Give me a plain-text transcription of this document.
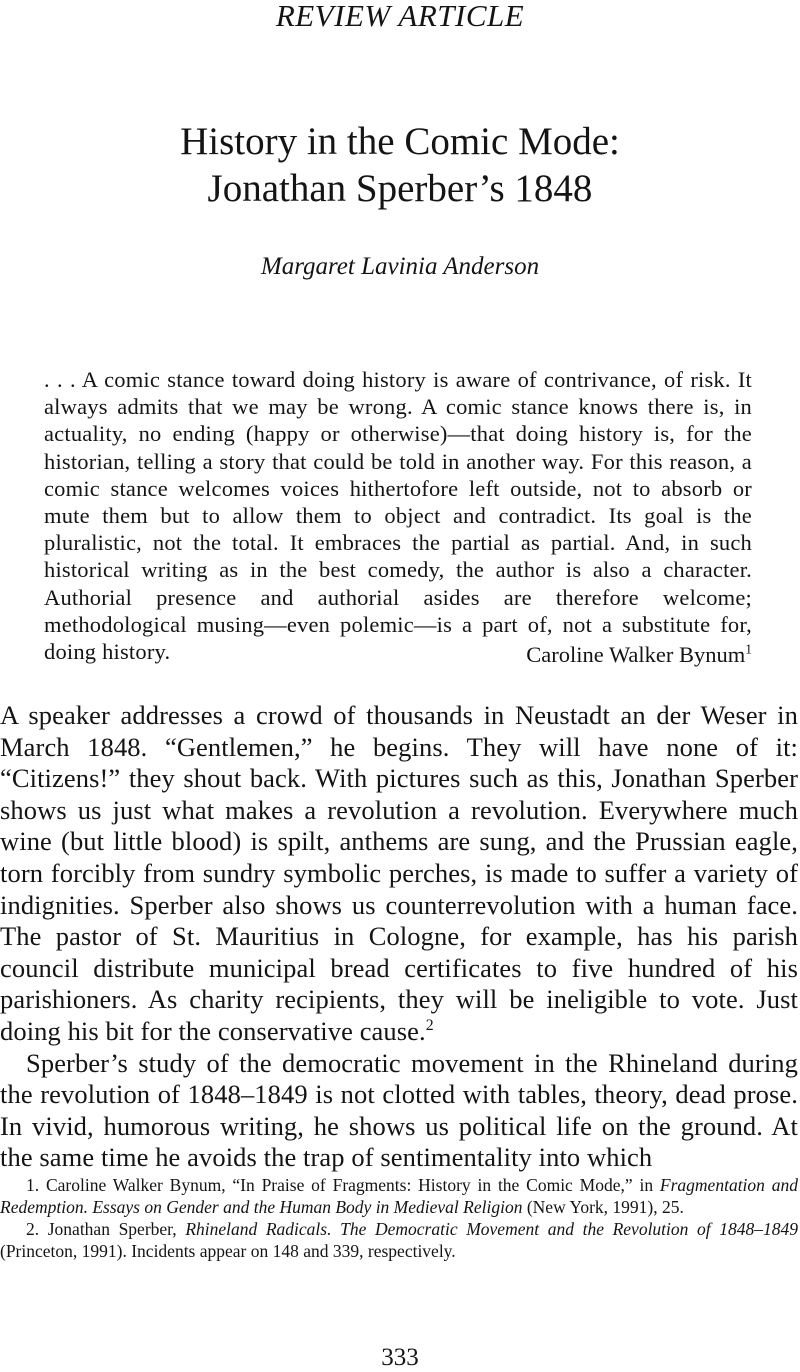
REVIEW ARTICLE
History in the Comic Mode:
Jonathan Sperber’s 1848
Margaret Lavinia Anderson
. . . A comic stance toward doing history is aware of contrivance, of risk. It always admits that we may be wrong. A comic stance knows there is, in actuality, no ending (happy or otherwise)—that doing history is, for the historian, telling a story that could be told in another way. For this reason, a comic stance welcomes voices hithertofore left outside, not to absorb or mute them but to allow them to object and contradict. Its goal is the pluralistic, not the total. It embraces the partial as partial. And, in such historical writing as in the best comedy, the author is also a character. Authorial presence and authorial asides are therefore welcome; methodological musing—even polemic—is a part of, not a substitute for, doing history.	Caroline Walker Bynum$^1$

A speaker addresses a crowd of thousands in Neustadt an der Weser in March 1848. “Gentlemen,” he begins. They will have none of it: “Citizens!” they shout back. With pictures such as this, Jonathan Sperber shows us just what makes a revolution a revolution. Everywhere much wine (but little blood) is spilt, anthems are sung, and the Prussian eagle, torn forcibly from sundry symbolic perches, is made to suffer a variety of indignities. Sperber also shows us counterrevolution with a human face. The pastor of St. Mauritius in Cologne, for example, has his parish council distribute municipal bread certificates to five hundred of his parishioners. As charity recipients, they will be ineligible to vote. Just doing his bit for the conservative cause.$^2$

Sperber’s study of the democratic movement in the Rhineland during the revolution of 1848–1849 is not clotted with tables, theory, dead prose. In vivid, humorous writing, he shows us political life on the ground. At the same time he avoids the trap of sentimentality into which

1. Caroline Walker Bynum, “In Praise of Fragments: History in the Comic Mode,” in Fragmentation and Redemption. Essays on Gender and the Human Body in Medieval Religion (New York, 1991), 25.

2. Jonathan Sperber, Rhineland Radicals. The Democratic Movement and the Revolution of 1848–1849 (Princeton, 1991). Incidents appear on 148 and 339, respectively.

333
